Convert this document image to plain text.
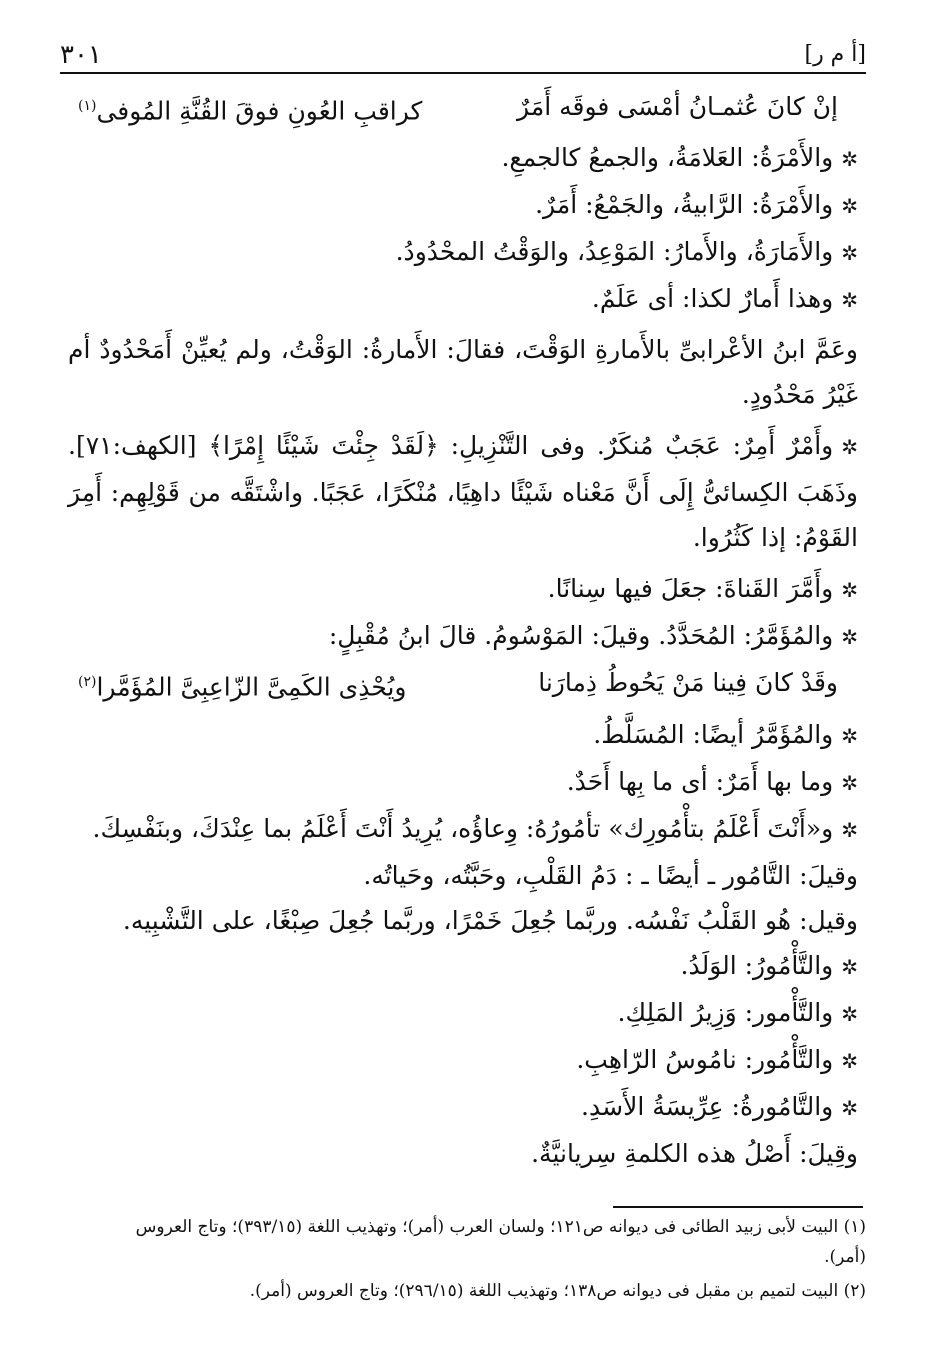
٣٠١	[أ م ر]
إنْ كانَ عُثمـانُ أمْسَى فوقَه أَمَرٌ
كراقبِ العُونِ فوقَ القُنَّةِ المُوفى$^{(١)}$

✲والأَمْرَةُ: العَلامَةُ، والجمعُ كالجمعِ.

✲والأَمْرَةُ: الرَّابيةُ، والجَمْعُ: أَمَرٌ.

✲والأَمَارَةُ، والأَمارُ: المَوْعِدُ، والوَقْتُ المحْدُودُ.

✲وهذا أَمارٌ لكذا: أى عَلَمٌ.

وعَمَّ ابنُ الأعْرابىِّ بالأَمارةِ الوَقْتَ، فقالَ: الأَمارةُ: الوَقْتُ، ولم يُعيِّنْ أَمَحْدُودٌ أم غَيْرُ مَحْدُودٍ.

✲وأَمْرٌ أَمِرٌ: عَجَبٌ مُنكَرٌ. وفى التَّنْزِيلِ: ﴿لَقَدْ جِئْتَ شَيْئًا إِمْرًا﴾ [الكهف:٧١]. وذَهَبَ الكِسائىُّ إِلَى أَنَّ مَعْناه شَيْئًا داهِيًا، مُنْكَرًا، عَجَبًا. واشْتَقَّه من قَوْلِهِم: أَمِرَ القَوْمُ: إذا كَثُرُوا.

✲وأَمَّرَ القَناةَ: جعَلَ فيها سِنانًا.

✲والمُؤَمَّرُ: المُحَدَّدُ. وقيلَ: المَوْسُومُ. قالَ ابنُ مُقْبِلٍ:

وقَدْ كانَ فِينا مَنْ يَحُوطُ ذِمارَنا
ويُحْذِى الكَمِىَّ الزّاعِبِىَّ المُؤَمَّرا$^{(٢)}$

✲والمُؤَمَّرُ أيضًا: المُسَلَّطُ.

✲وما بها أَمَرٌ: أى ما بِها أَحَدٌ.

✲و«أَنْتَ أَعْلَمُ بتأْمُورِك» تأمُورُهُ: وِعاؤُه، يُرِيدُ أَنْتَ أَعْلَمُ بما عِنْدَكَ، وبنَفْسِكَ.

وقيلَ: التَّامُور ـ أيضًا ـ : دَمُ القَلْبِ، وحَبَّتُه، وحَياتُه.

وقيل: هُو القَلْبُ نَفْسُه. وربَّما جُعِلَ خَمْرًا، وربَّما جُعِلَ صِبْغًا، على التَّشْبِيه.

✲والتَّأْمُورُ: الوَلَدُ.

✲والتَّأْمور: وَزِيرُ المَلِكِ.

✲والتَّأْمُور: نامُوسُ الرّاهِبِ.

✲والتَّامُورةُ: عِرِّيسَةُ الأَسَدِ.

وقِيلَ: أَصْلُ هذه الكلمةِ سِريانيَّةٌ.

(١) البيت لأبى زبيد الطائى فى ديوانه ص١٢١؛ ولسان العرب (أمر)؛ وتهذيب اللغة (٣٩٣/١٥)؛ وتاج العروس (أمر).

(٢) البيت لتميم بن مقبل فى ديوانه ص١٣٨؛ وتهذيب اللغة (٢٩٦/١٥)؛ وتاج العروس (أمر).
